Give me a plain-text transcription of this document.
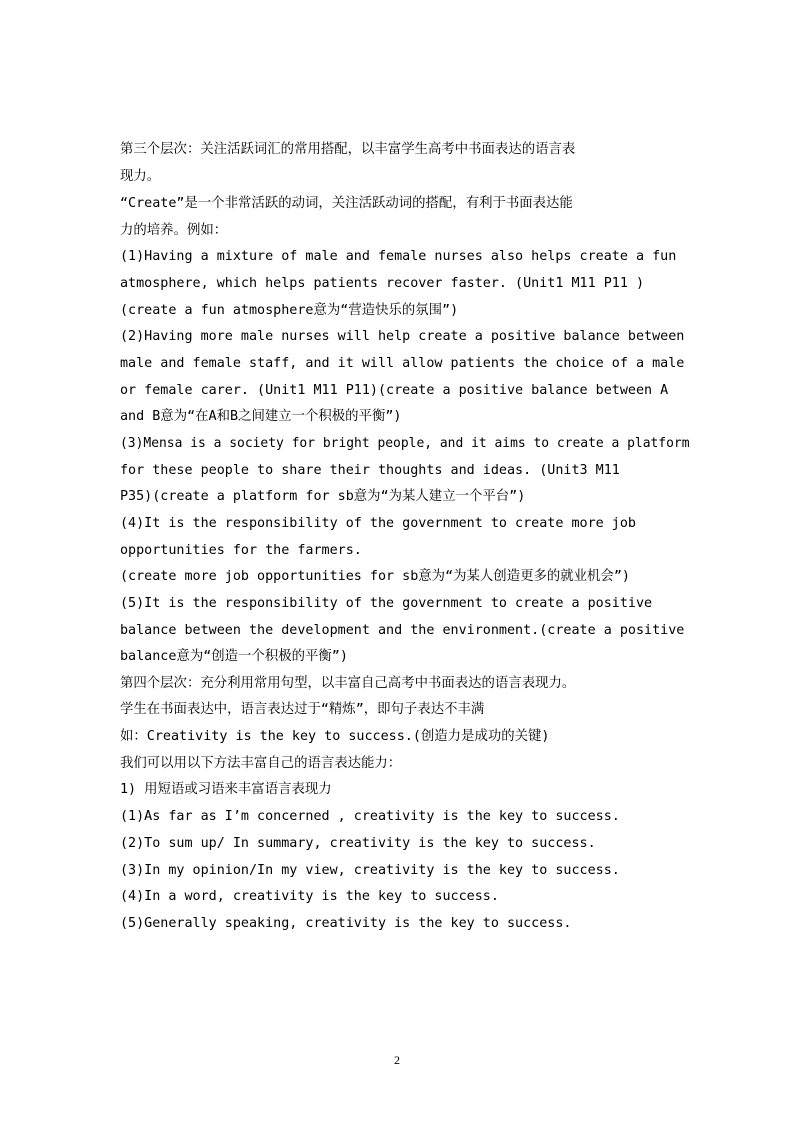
第三个层次：关注活跃词汇的常用搭配，以丰富学生高考中书面表达的语言表
现力。
“Create”是一个非常活跃的动词，关注活跃动词的搭配，有利于书面表达能
力的培养。例如：
(1)Having a mixture of male and female nurses also helps create a fun
atmosphere, which helps patients recover faster. (Unit1 M11 P11 )
(create a fun atmosphere意为“营造快乐的氛围”)
(2)Having more male nurses will help create a positive balance between
male and female staff, and it will allow patients the choice of a male
or female carer. (Unit1 M11 P11)(create a positive balance between A
and B意为“在A和B之间建立一个积极的平衡”)
(3)Mensa is a society for bright people, and it aims to create a platform
for these people to share their thoughts and ideas. (Unit3 M11
P35)(create a platform for sb意为“为某人建立一个平台”)
(4)It is the responsibility of the government to create more job
opportunities for the farmers.
(create more job opportunities for sb意为“为某人创造更多的就业机会”)
(5)It is the responsibility of the government to create a positive
balance between the development and the environment.(create a positive
balance意为“创造一个积极的平衡”)
第四个层次：充分利用常用句型，以丰富自己高考中书面表达的语言表现力。
学生在书面表达中，语言表达过于“精炼”，即句子表达不丰满
如：Creativity is the key to success.(创造力是成功的关键)
我们可以用以下方法丰富自己的语言表达能力：
1) 用短语或习语来丰富语言表现力
(1)As far as I’m concerned , creativity is the key to success.
(2)To sum up/ In summary, creativity is the key to success.
(3)In my opinion/In my view, creativity is the key to success.
(4)In a word, creativity is the key to success.
(5)Generally speaking, creativity is the key to success.
2
